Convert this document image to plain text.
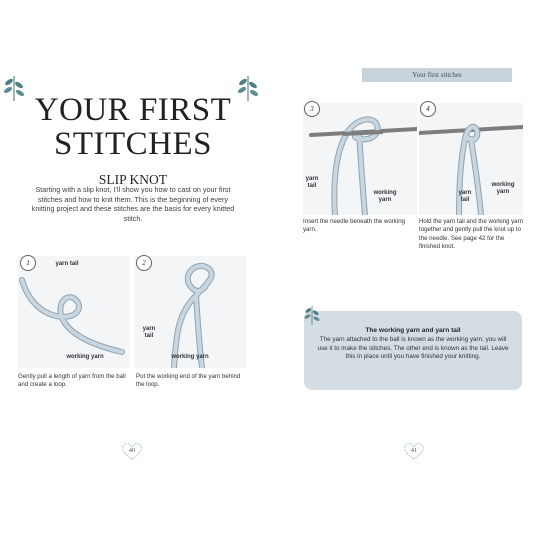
YOUR FIRST
STITCHES
SLIP KNOT

Starting with a slip knot, I’ll show you how to cast on your first stitches and how to knit them. This is the beginning of every knitting project and these stitches are the basis for every knitted stitch.

1	yarn tail
working yarn

Gently pull a length of yarn from the ball and create a loop.

2
yarn tail
working yarn

Put the working end of the yarn behind the loop.

40
Your first stitches
3
yarn tail
working yarn

Insert the needle beneath the working yarn.

4
yarn tail
working yarn

Hold the yarn tail and the working yarn together and gently pull the knot up to the needle. See page 42 for the finished knot.

The working yarn and yarn tail

The yarn attached to the ball is known as the working yarn; you will use it to make the stitches. The other end is known as the tail. Leave this in place until you have finished your knitting.

41
